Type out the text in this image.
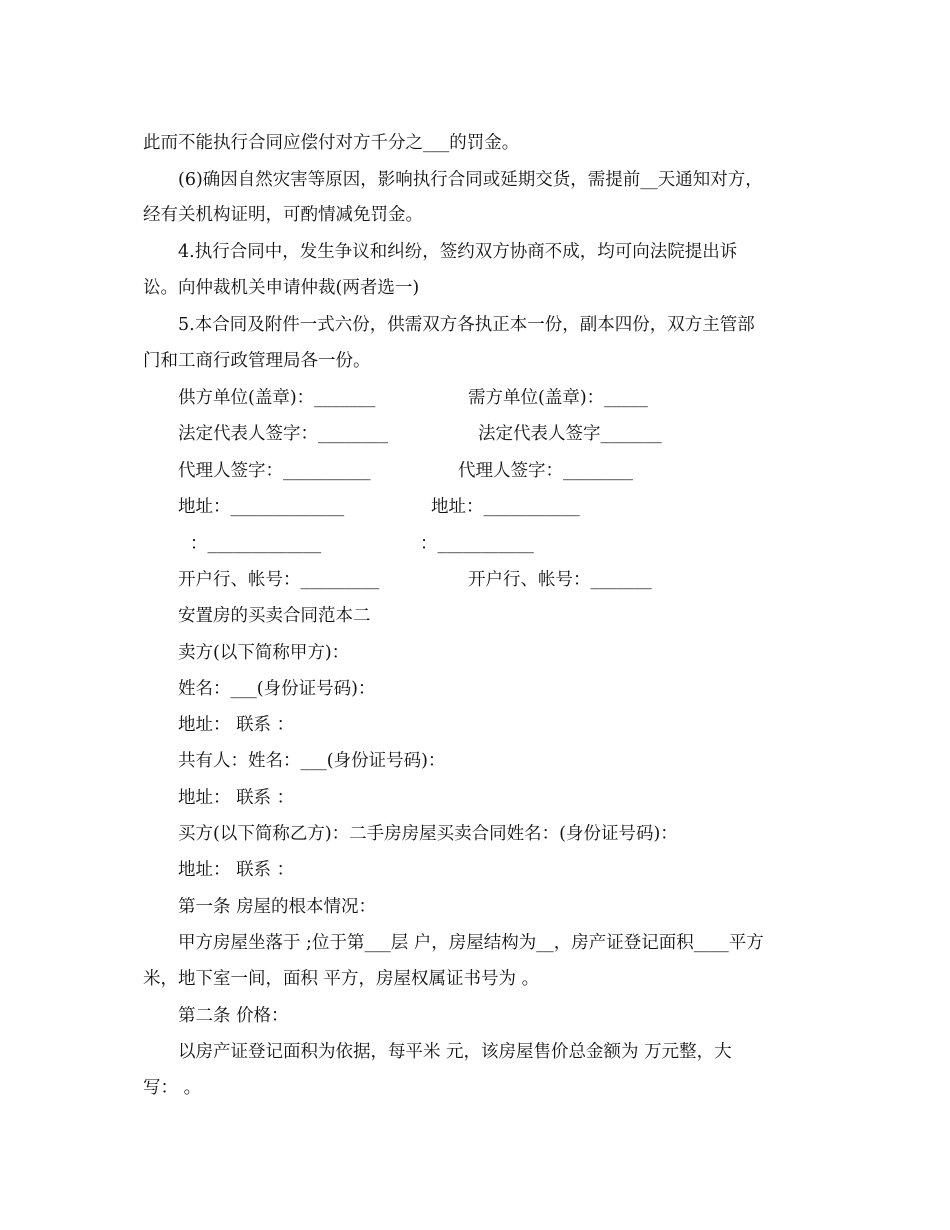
此而不能执行合同应偿付对方千分之___的罚金。
(6)确因自然灾害等原因，影响执行合同或延期交货，需提前__天通知对方，
经有关机构证明，可酌情减免罚金。
4.执行合同中，发生争议和纠纷，签约双方协商不成，均可向法院提出诉
讼。向仲裁机关申请仲裁(两者选一)
5.本合同及附件一式六份，供需双方各执正本一份，副本四份，双方主管部
门和工商行政管理局各一份。
供方单位(盖章)：_______	需方单位(盖章)：_____
法定代表人签字：________	法定代表人签字_______
代理人签字：__________	代理人签字：________
地址：_____________	地址：___________
：_____________	：___________
开户行、帐号：_________	开户行、帐号：_______
安置房的买卖合同范本二
卖方(以下简称甲方)：
姓名：___(身份证号码)：
地址： 联系 ：
共有人：姓名：___(身份证号码)：
地址： 联系 ：
买方(以下简称乙方)：二手房房屋买卖合同姓名：(身份证号码)：
地址： 联系 ：
第一条 房屋的根本情况：
甲方房屋坐落于 ;位于第___层 户，房屋结构为__，房产证登记面积____平方
米，地下室一间，面积 平方，房屋权属证书号为 。
第二条 价格：
以房产证登记面积为依据，每平米 元，该房屋售价总金额为 万元整，大
写： 。
